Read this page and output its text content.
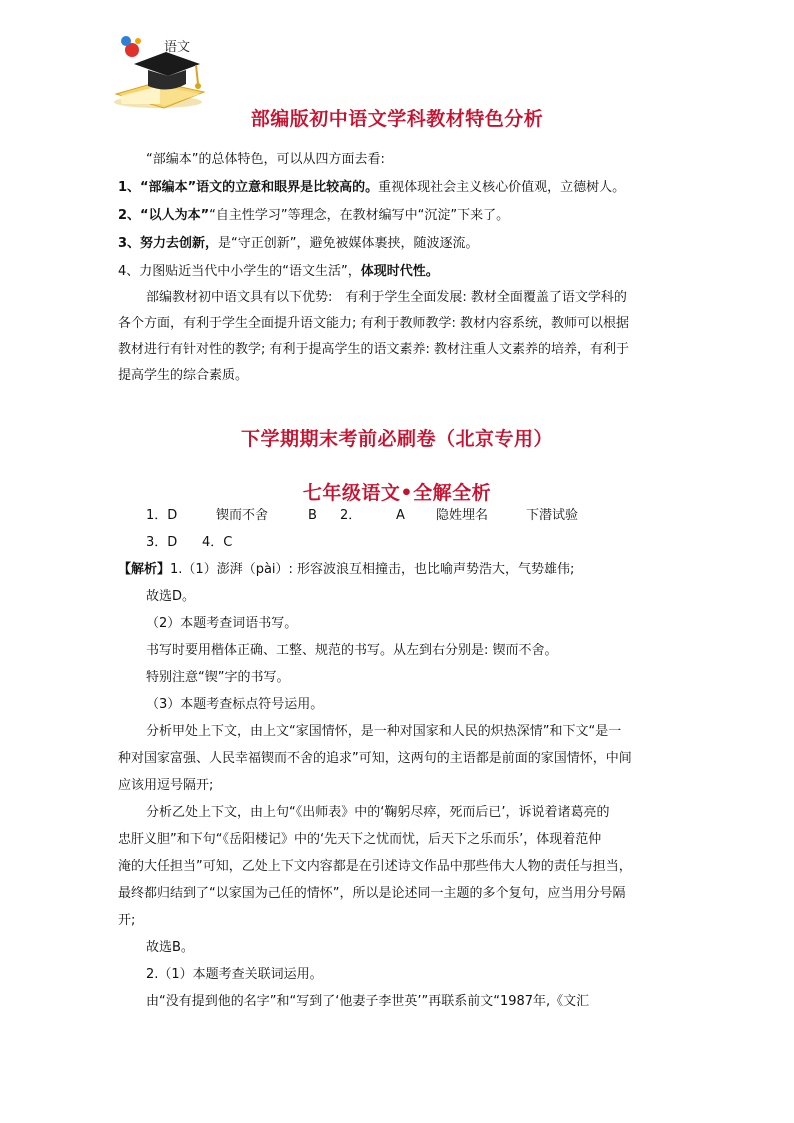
语文
部编版初中语文学科教材特色分析
“部编本”的总体特色，可以从四方面去看:
1、“部编本”语文的立意和眼界是比较高的。重视体现社会主义核心价值观，立德树人。
2、“以人为本”“自主性学习”等理念，在教材编写中“沉淀”下来了。
3、努力去创新，是“守正创新”，避免被媒体裹挟，随波逐流。
4、力图贴近当代中小学生的“语文生活”，体现时代性。
部编教材初中语文具有以下优势:　有利于学生全面发展: 教材全面覆盖了语文学科的
各个方面，有利于学生全面提升语文能力; 有利于教师教学: 教材内容系统，教师可以根据
教材进行有针对性的教学; 有利于提高学生的语文素养: 教材注重人文素养的培养，有利于
提高学生的综合素质。
下学期期末考前必刷卷（北京专用）
七年级语文•全解全析
1．D	锲而不舍	B 2．	A 隐姓埋名	下潜试验
3．D 4．C
【解析】1.（1）澎湃（pài）: 形容波浪互相撞击，也比喻声势浩大，气势雄伟;
故选D。
（2）本题考查词语书写。
书写时要用楷体正确、工整、规范的书写。从左到右分别是: 锲而不舍。
特别注意“锲”字的书写。
（3）本题考查标点符号运用。
分析甲处上下文，由上文“家国情怀，是一种对国家和人民的炽热深情”和下文“是一
种对国家富强、人民幸福锲而不舍的追求”可知，这两句的主语都是前面的家国情怀，中间
应该用逗号隔开;
分析乙处上下文，由上句“《出师表》中的‘鞠躬尽瘁，死而后已’，诉说着诸葛亮的
忠肝义胆”和下句“《岳阳楼记》中的‘先天下之忧而忧，后天下之乐而乐’，体现着范仲
淹的大任担当”可知，乙处上下文内容都是在引述诗文作品中那些伟大人物的责任与担当，
最终都归结到了“以家国为己任的情怀”，所以是论述同一主题的多个复句，应当用分号隔
开;
故选B。
2.（1）本题考查关联词运用。
由“没有提到他的名字”和“写到了‘他妻子李世英’”再联系前文“1987年,《文汇
